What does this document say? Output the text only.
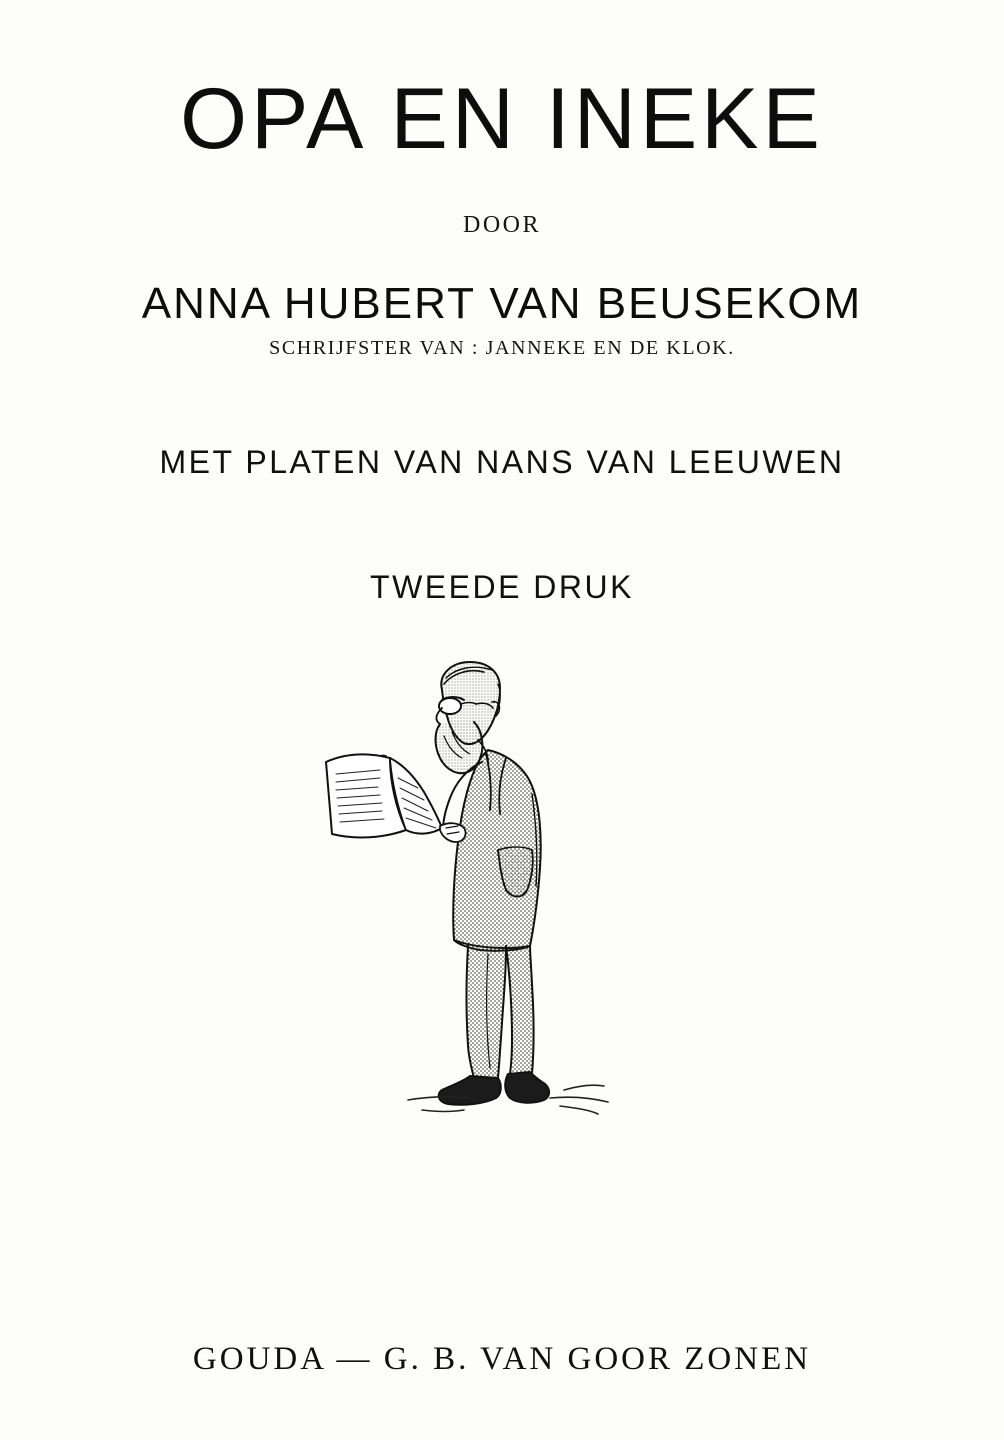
OPA EN INEKE
DOOR
ANNA HUBERT VAN BEUSEKOM
SCHRIJFSTER VAN : JANNEKE EN DE KLOK.
MET PLATEN VAN NANS VAN LEEUWEN
TWEEDE DRUK
GOUDA — G. B. VAN GOOR ZONEN
